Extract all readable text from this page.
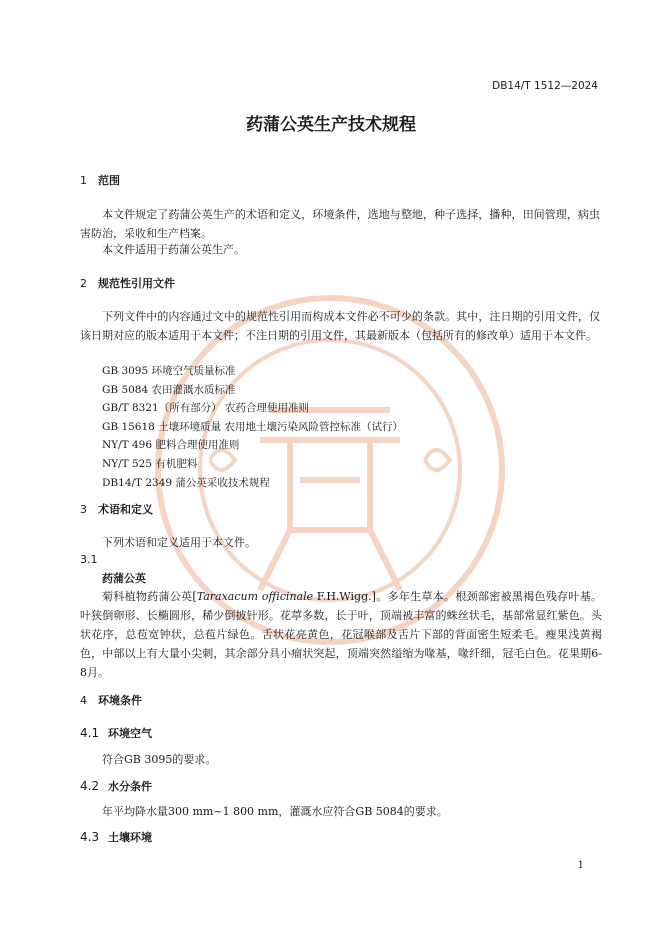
DB14/T 1512—2024
药蒲公英生产技术规程
1 范围
本文件规定了药蒲公英生产的术语和定义，环境条件，选地与整地，种子选择，播种，田间管理，病虫害防治，采收和生产档案。
本文件适用于药蒲公英生产。
2 规范性引用文件
下列文件中的内容通过文中的规范性引用而构成本文件必不可少的条款。其中，注日期的引用文件，仅该日期对应的版本适用于本文件；不注日期的引用文件，其最新版本（包括所有的修改单）适用于本文件。
GB 3095 环境空气质量标准
GB 5084 农田灌溉水质标准
GB/T 8321（所有部分） 农药合理使用准则
GB 15618 土壤环境质量 农用地土壤污染风险管控标准（试行）
NY/T 496 肥料合理使用准则
NY/T 525 有机肥料
DB14/T 2349 蒲公英采收技术规程
3 术语和定义
下列术语和定义适用于本文件。
3.1
药蒲公英
菊科植物药蒲公英[Taraxacum officinale F.H.Wigg.]。多年生草本。根颈部密被黑褐色残存叶基。叶狭倒卵形、长椭圆形，稀少倒披针形。花葶多数，长于叶，顶端被丰富的蛛丝状毛，基部常显红紫色。头状花序，总苞宽钟状，总苞片绿色。舌状花亮黄色，花冠喉部及舌片下部的背面密生短柔毛。瘦果浅黄褐色，中部以上有大量小尖刺，其余部分具小瘤状突起，顶端突然缢缩为喙基，喙纤细，冠毛白色。花果期6-8月。
4 环境条件
4.1 环境空气
符合GB 3095的要求。
4.2 水分条件
年平均降水量300 mm~1 800 mm，灌溉水应符合GB 5084的要求。
4.3 土壤环境
1
